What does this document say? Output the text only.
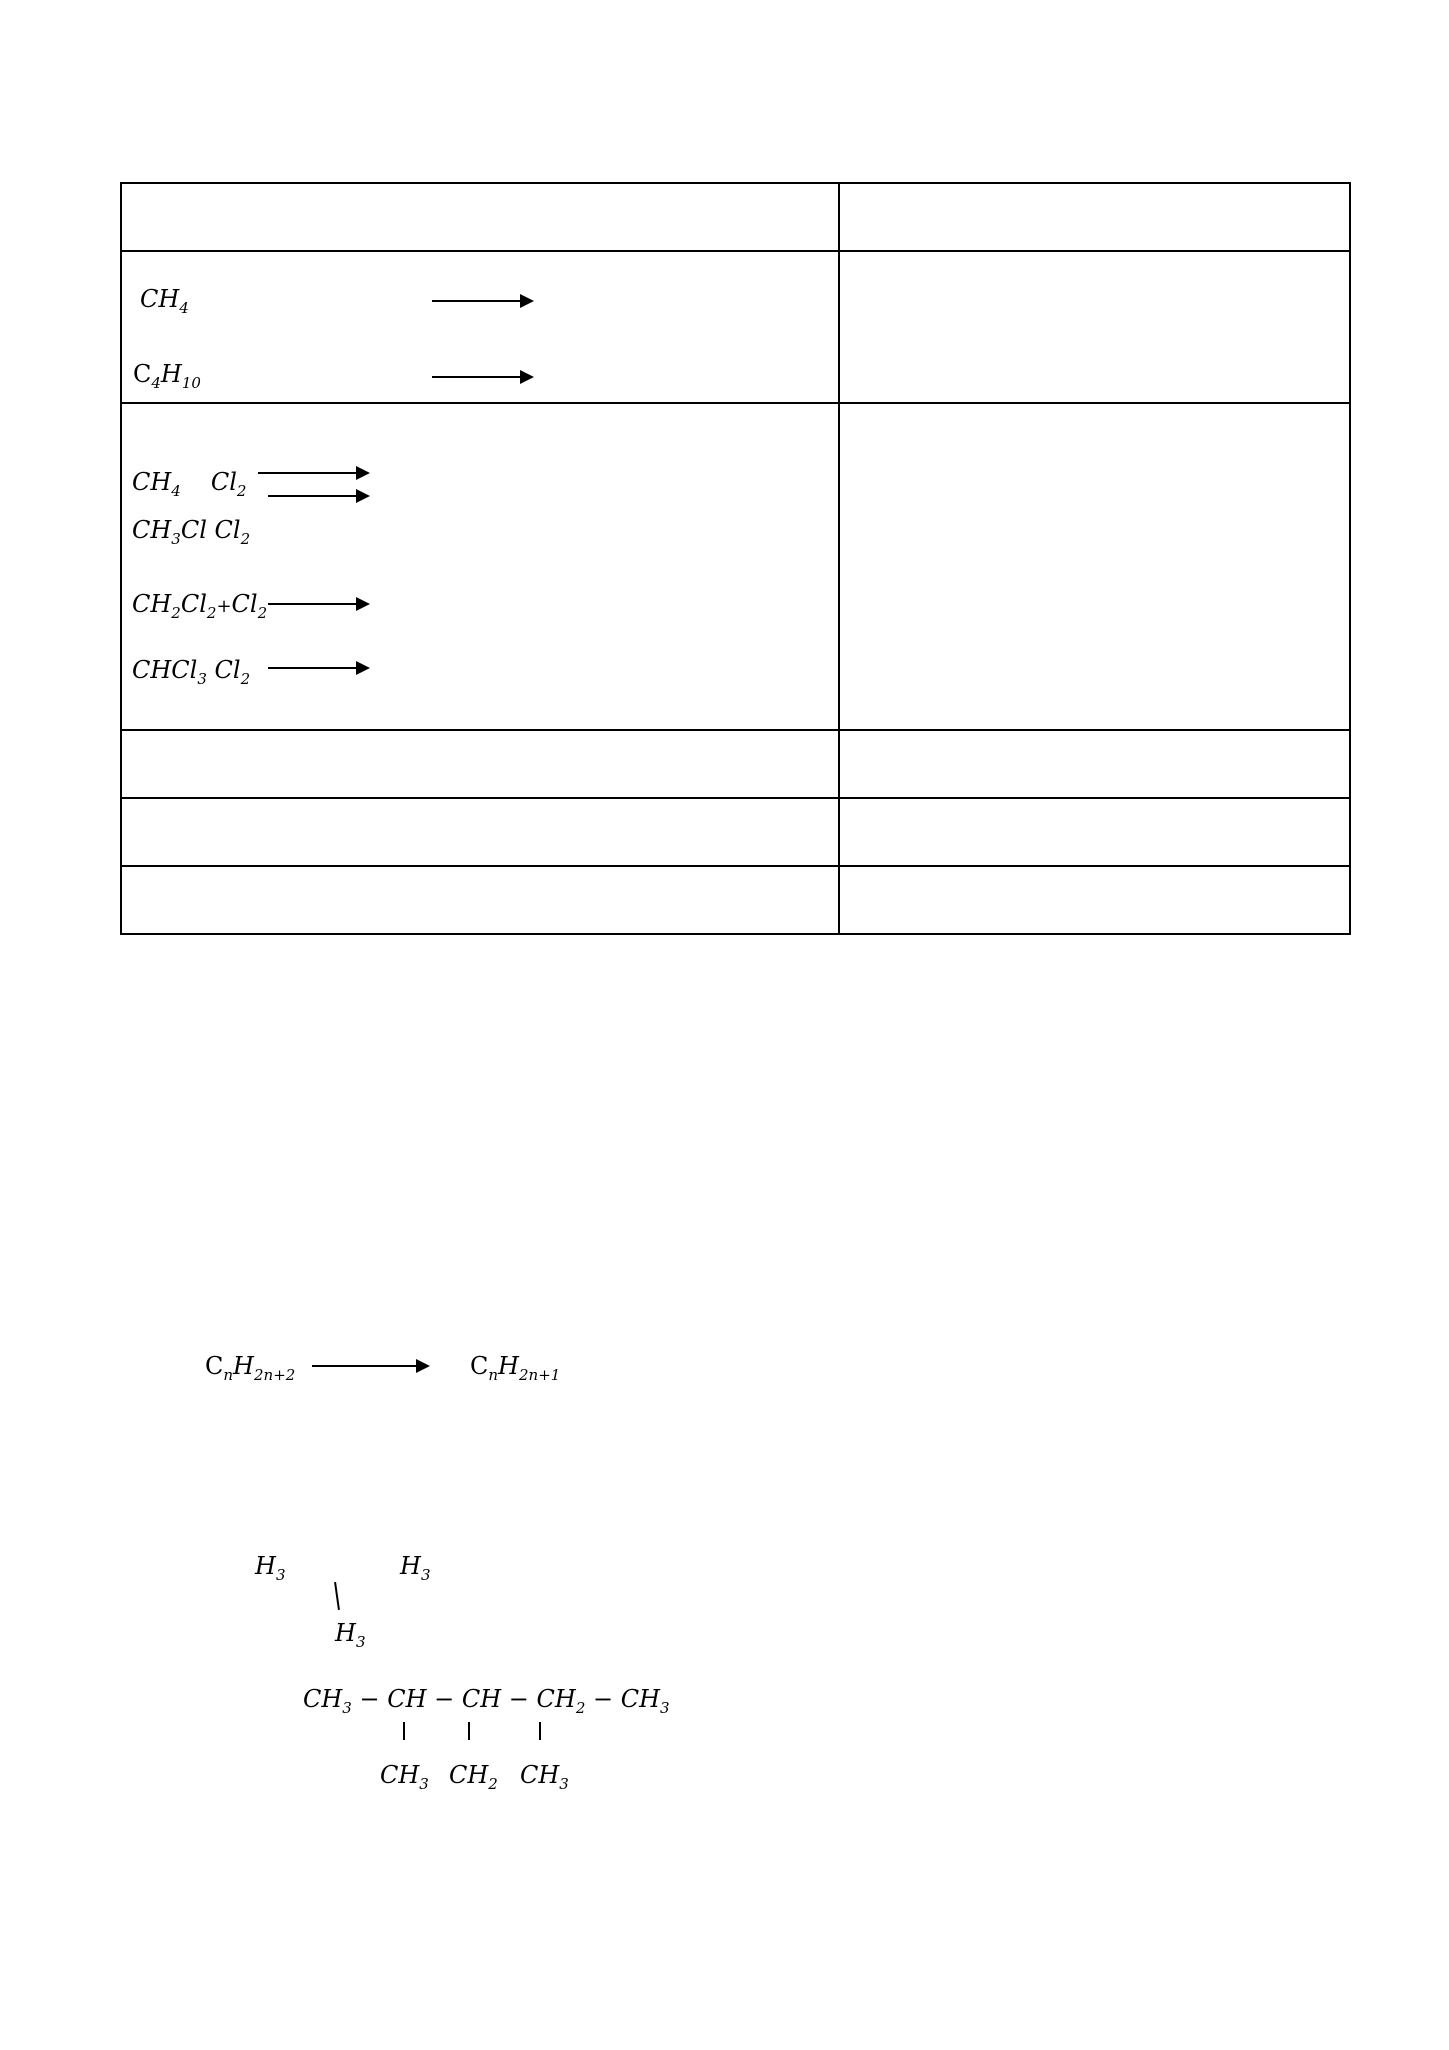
$CH_4$
$C_4H_{10}$
$CH_4$ $Cl_2$
$CH_3Cl$ $Cl_2$
$CH_2Cl_2+Cl_2$
CHCl$_3$ $Cl_2$
$C_nH_{2n+2}$	$C_nH_{2n+1}$
$H_3$	$H_3$
$H_3$
$CH_3$ − CH − CH − $CH_2 - CH_3$
$CH_3$ $CH_2$ $CH_3$
